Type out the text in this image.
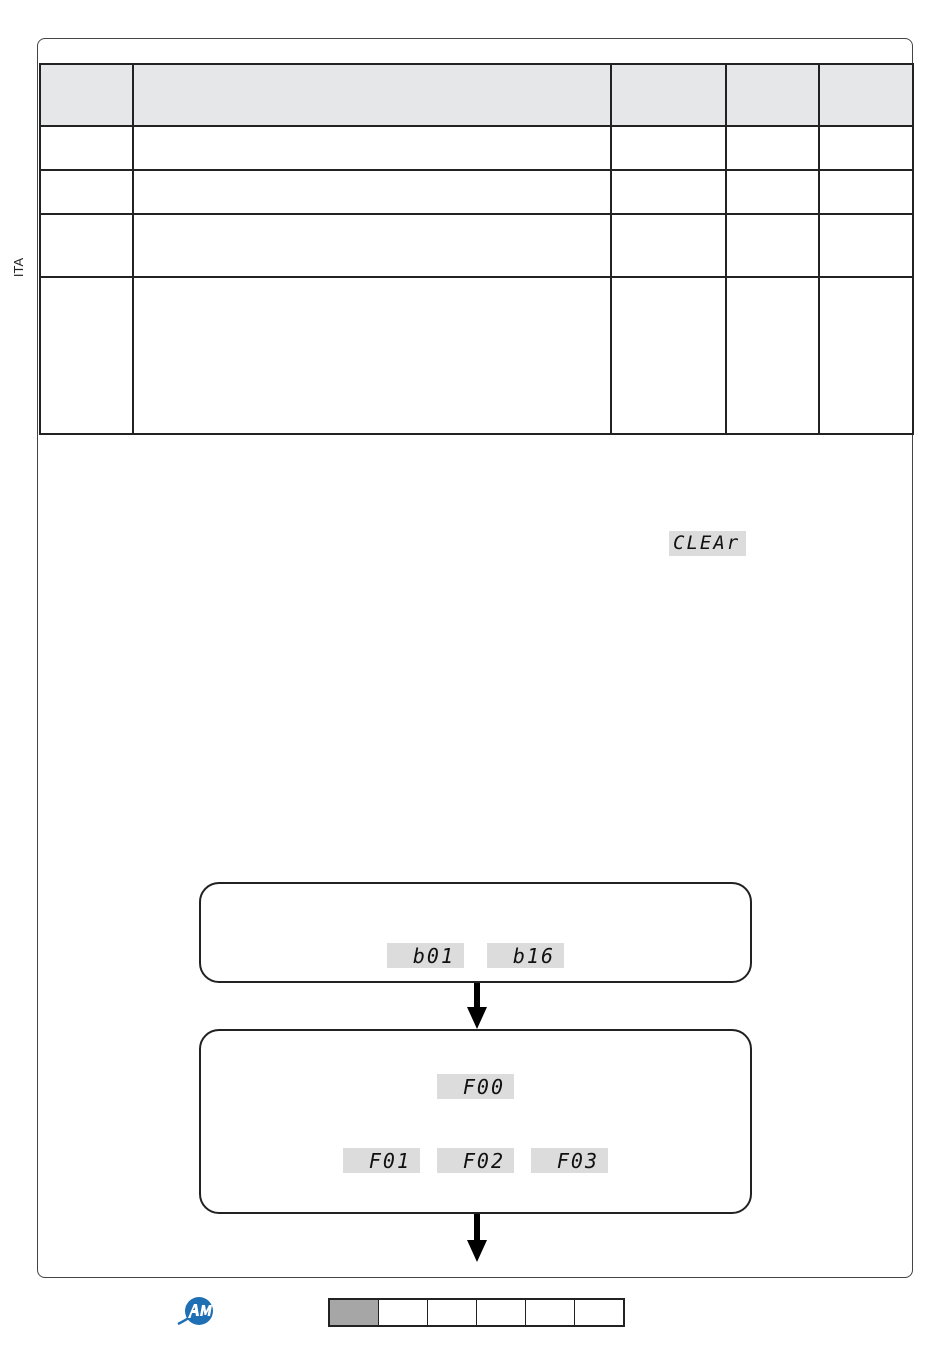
ITA

CLEAr
b01	b16
F00
F01	F02	F03
